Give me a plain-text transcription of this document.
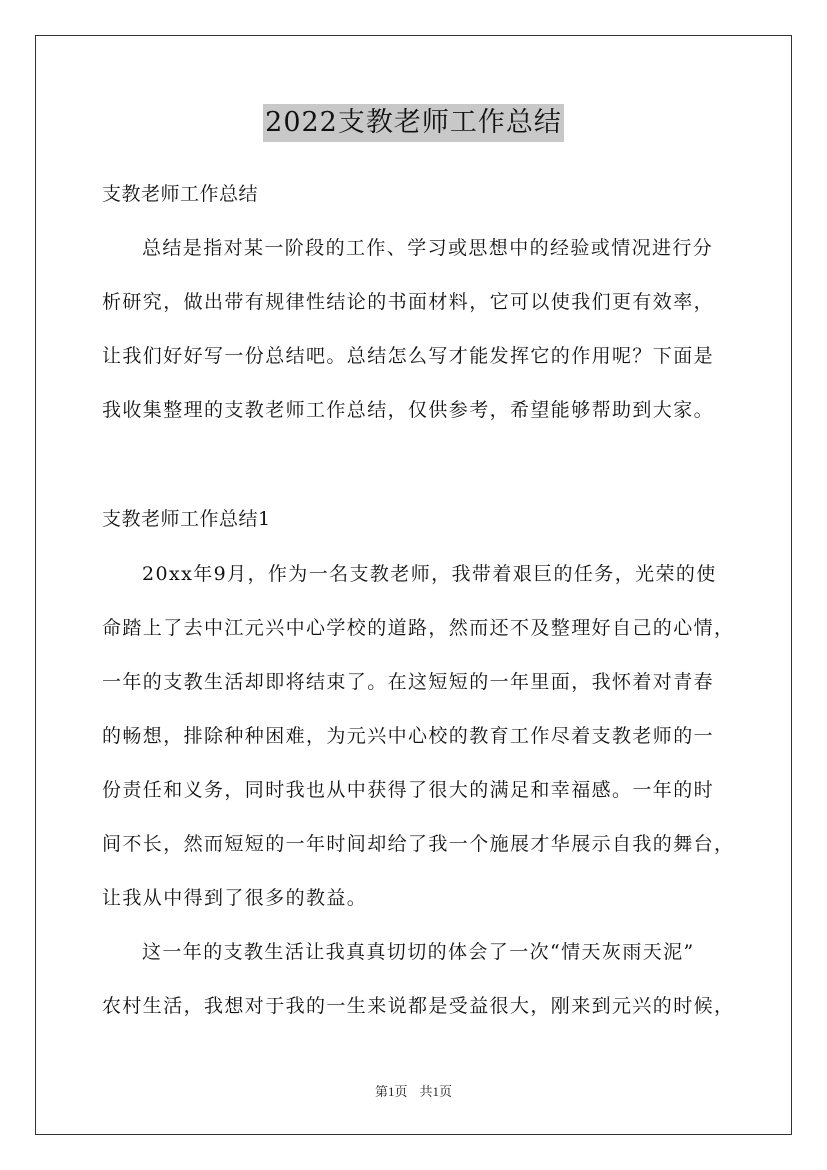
2022支教老师工作总结
支教老师工作总结
总结是指对某一阶段的工作、学习或思想中的经验或情况进行分
析研究，做出带有规律性结论的书面材料，它可以使我们更有效率，
让我们好好写一份总结吧。总结怎么写才能发挥它的作用呢？下面是
我收集整理的支教老师工作总结，仅供参考，希望能够帮助到大家。
支教老师工作总结1
20xx年9月，作为一名支教老师，我带着艰巨的任务，光荣的使
命踏上了去中江元兴中心学校的道路，然而还不及整理好自己的心情，
一年的支教生活却即将结束了。在这短短的一年里面，我怀着对青春
的畅想，排除种种困难，为元兴中心校的教育工作尽着支教老师的一
份责任和义务，同时我也从中获得了很大的满足和幸福感。一年的时
间不长，然而短短的一年时间却给了我一个施展才华展示自我的舞台，
让我从中得到了很多的教益。
这一年的支教生活让我真真切切的体会了一次“情天灰雨天泥”
农村生活，我想对于我的一生来说都是受益很大，刚来到元兴的时候，
第1页 共1页
